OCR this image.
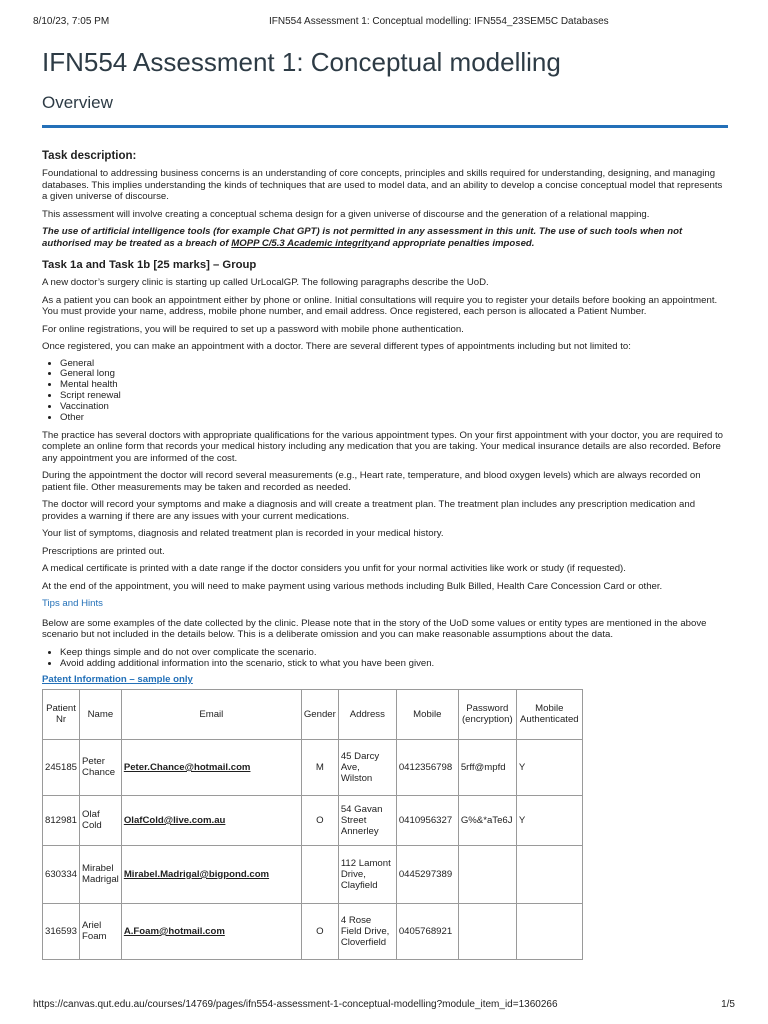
8/10/23, 7:05 PM	IFN554 Assessment 1: Conceptual modelling: IFN554_23SEM5C Databases
IFN554 Assessment 1: Conceptual modelling
Overview
Task description:

Foundational to addressing business concerns is an understanding of core concepts, principles and skills required for understanding, designing, and managing databases. This implies understanding the kinds of techniques that are used to model data, and an ability to develop a concise conceptual model that represents a given universe of discourse.

This assessment will involve creating a conceptual schema design for a given universe of discourse and the generation of a relational mapping.

The use of artificial intelligence tools (for example Chat GPT) is not permitted in any assessment in this unit. The use of such tools when not authorised may be treated as a breach of MOPP C/5.3 Academic integrityand appropriate penalties imposed.

Task 1a and Task 1b [25 marks] – Group

A new doctor’s surgery clinic is starting up called UrLocalGP. The following paragraphs describe the UoD.

As a patient you can book an appointment either by phone or online. Initial consultations will require you to register your details before booking an appointment. You must provide your name, address, mobile phone number, and email address. Once registered, each person is allocated a Patient Number.

For online registrations, you will be required to set up a password with mobile phone authentication.

Once registered, you can make an appointment with a doctor. There are several different types of appointments including but not limited to:

• General
• General long
• Mental health
• Script renewal
• Vaccination
• Other

The practice has several doctors with appropriate qualifications for the various appointment types. On your first appointment with your doctor, you are required to complete an online form that records your medical history including any medication that you are taking. Your medical insurance details are also recorded. Before any appointment you are informed of the cost.

During the appointment the doctor will record several measurements (e.g., Heart rate, temperature, and blood oxygen levels) which are always recorded on patient file. Other measurements may be taken and recorded as needed.

The doctor will record your symptoms and make a diagnosis and will create a treatment plan. The treatment plan includes any prescription medication and provides a warning if there are any issues with your current medications.

Your list of symptoms, diagnosis and related treatment plan is recorded in your medical history.

Prescriptions are printed out.

A medical certificate is printed with a date range if the doctor considers you unfit for your normal activities like work or study (if requested).

At the end of the appointment, you will need to make payment using various methods including Bulk Billed, Health Care Concession Card or other.

Tips and Hints

Below are some examples of the date collected by the clinic. Please note that in the story of the UoD some values or entity types are mentioned in the above scenario but not included in the details below. This is a deliberate omission and you can make reasonable assumptions about the data.

• Keep things simple and do not over complicate the scenario.
• Avoid adding additional information into the scenario, stick to what you have been given.
Patent Information – sample only
Patient Nr	Name	Email	Gender	Address	Mobile	Password (encryption)	Mobile Authenticated
245185	Peter Chance	Peter.Chance@hotmail.com	M	45 Darcy Ave, Wilston	0412356798	5rff@mpfd	Y
812981	Olaf Cold	OlafCold@live.com.au	O	54 Gavan Street Annerley	0410956327	G%&*aTe6J	Y
630334	Mirabel Madrigal	Mirabel.Madrigal@bigpond.com		112 Lamont Drive, Clayfield	0445297389		
316593	Ariel Foam	A.Foam@hotmail.com	O	4 Rose Field Drive, Cloverfield	0405768921		
https://canvas.qut.edu.au/courses/14769/pages/ifn554-assessment-1-conceptual-modelling?module_item_id=1360266	1/5
